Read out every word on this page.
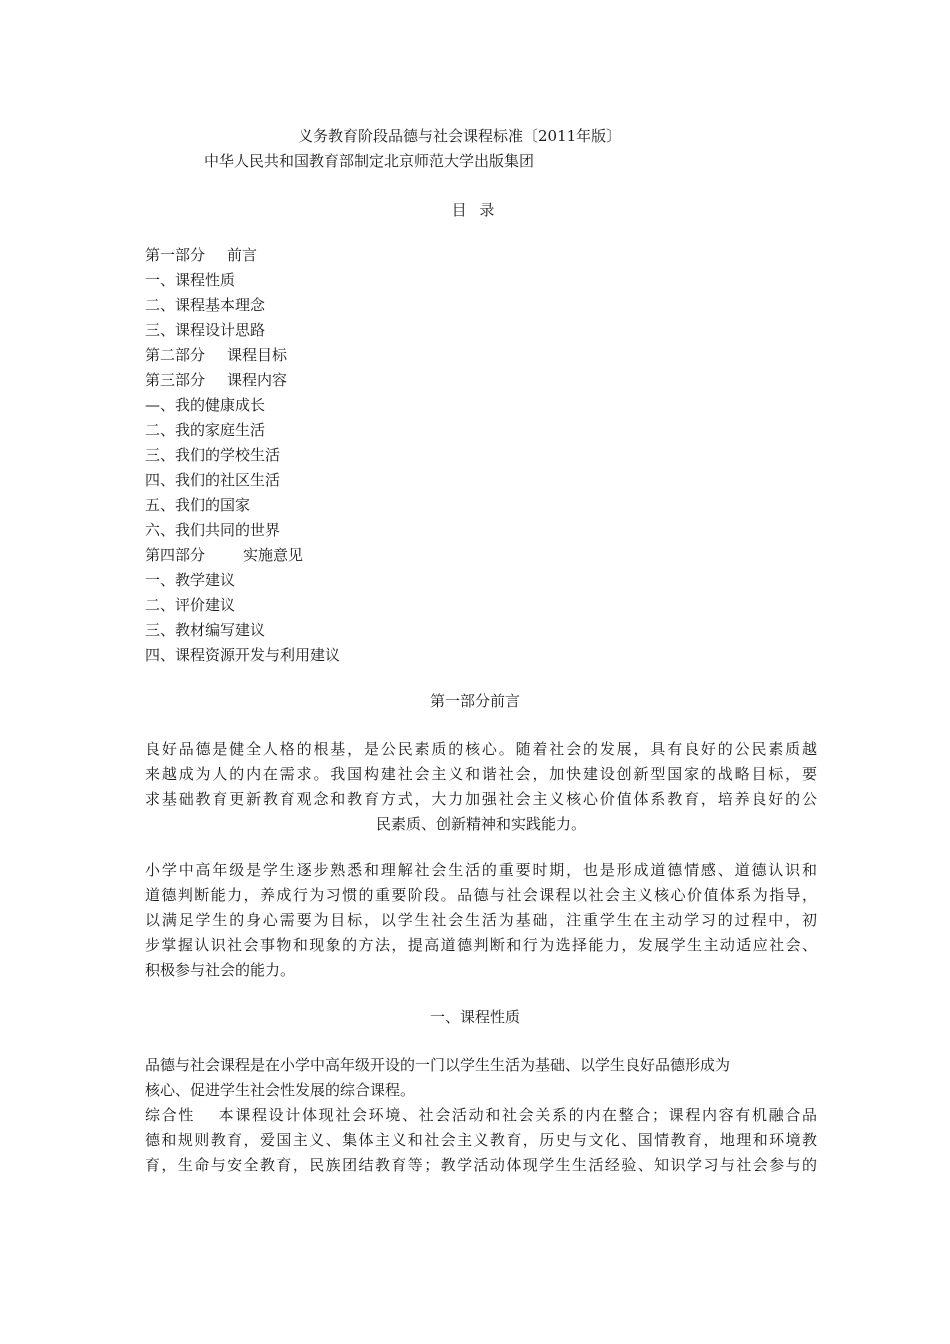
义务教育阶段品德与社会课程标准〔2011年版〕
中华人民共和国教育部制定北京师范大学出版集团
目 录
第一部分 前言
一、课程性质
二、课程基本理念
三、课程设计思路
第二部分 课程目标
第三部分 课程内容
—、我的健康成长
二、我的家庭生活
三、我们的学校生活
四、我们的社区生活
五、我们的国家
六、我们共同的世界
第四部分	实施意见
一、教学建议
二、评价建议
三、教材编写建议
四、课程资源开发与利用建议
第一部分前言
良好品德是健全人格的根基，是公民素质的核心。随着社会的发展，具有良好的公民素质越
来越成为人的内在需求。我国构建社会主义和谐社会，加快建设创新型国家的战略目标，要
求基础教育更新教育观念和教育方式，大力加强社会主义核心价值体系教育，培养良好的公
民素质、创新精神和实践能力。
小学中高年级是学生逐步熟悉和理解社会生活的重要时期，也是形成道德情感、道德认识和
道德判断能力，养成行为习惯的重要阶段。品德与社会课程以社会主义核心价值体系为指导，
以满足学生的身心需要为目标，以学生社会生活为基础，注重学生在主动学习的过程中，初
步掌握认识社会事物和现象的方法，提高道德判断和行为选择能力，发展学生主动适应社会、
积极参与社会的能力。
一、课程性质
品德与社会课程是在小学中高年级开设的一门以学生生活为基础、以学生良好品德形成为
核心、促进学生社会性发展的综合课程。
综合性 本课程设计体现社会环境、社会活动和社会关系的内在整合；课程内容有机融合品
德和规则教育，爱国主义、集体主义和社会主义教育，历史与文化、国情教育，地理和环境教
育，生命与安全教育，民族团结教育等；教学活动体现学生生活经验、知识学习与社会参与的
